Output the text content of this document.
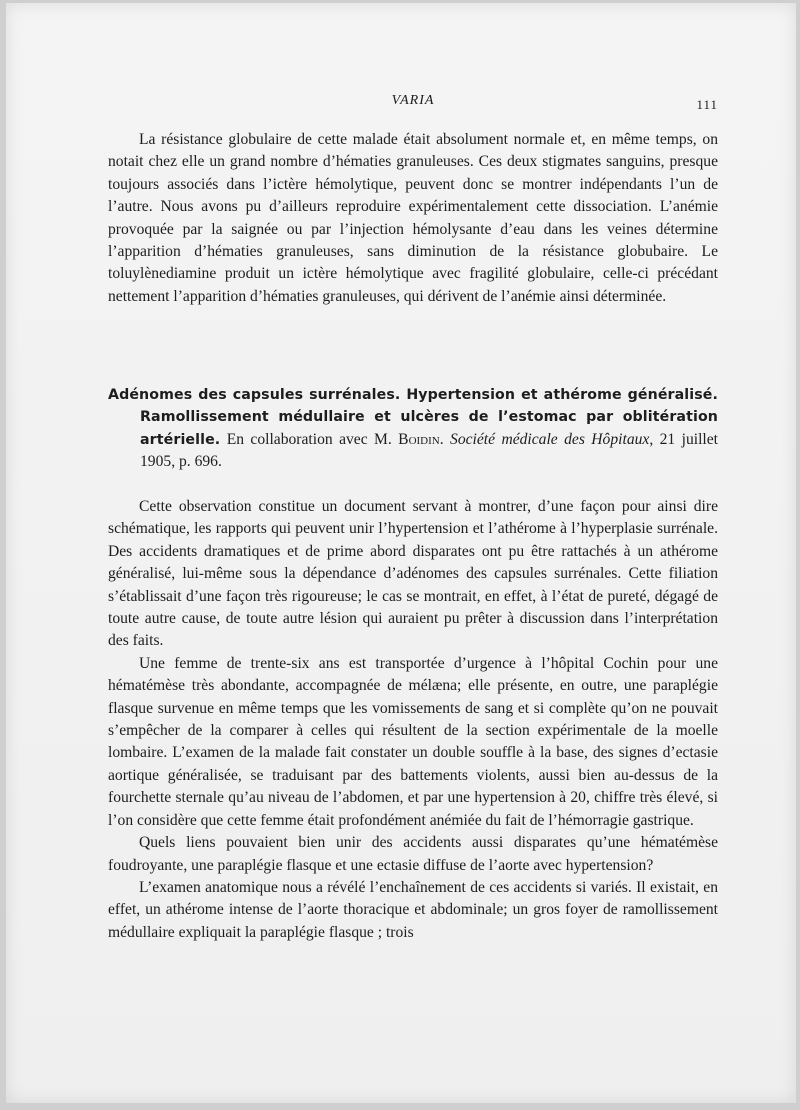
VARIA	111

La résistance globulaire de cette malade était absolument normale et, en même temps, on notait chez elle un grand nombre d’hématies granuleuses. Ces deux stigmates sanguins, presque toujours associés dans l’ictère hémolytique, peuvent donc se montrer indépendants l’un de l’autre. Nous avons pu d’ailleurs reproduire expérimentalement cette dissociation. L’anémie provoquée par la saignée ou par l’injection hémolysante d’eau dans les veines détermine l’apparition d’hématies granuleuses, sans diminution de la résistance globubaire. Le toluylènediamine produit un ictère hémolytique avec fragilité globulaire, celle-ci précédant nettement l’apparition d’hématies granuleuses, qui dérivent de l’anémie ainsi déterminée.

Adénomes des capsules surrénales. Hypertension et athérome généralisé. Ramollissement médullaire et ulcères de l’estomac par oblitération artérielle. En collaboration avec M. Boidin. Société médicale des Hôpitaux, 21 juillet 1905, p. 696.

Cette observation constitue un document servant à montrer, d’une façon pour ainsi dire schématique, les rapports qui peuvent unir l’hypertension et l’athérome à l’hyperplasie surrénale. Des accidents dramatiques et de prime abord disparates ont pu être rattachés à un athérome généralisé, lui-même sous la dépendance d’adénomes des capsules surrénales. Cette filiation s’établissait d’une façon très rigoureuse; le cas se montrait, en effet, à l’état de pureté, dégagé de toute autre cause, de toute autre lésion qui auraient pu prêter à discussion dans l’interprétation des faits.

Une femme de trente-six ans est transportée d’urgence à l’hôpital Cochin pour une hématémèse très abondante, accompagnée de mélæna; elle présente, en outre, une paraplégie flasque survenue en même temps que les vomissements de sang et si complète qu’on ne pouvait s’empêcher de la comparer à celles qui résultent de la section expérimentale de la moelle lombaire. L’examen de la malade fait constater un double souffle à la base, des signes d’ectasie aortique généralisée, se traduisant par des battements violents, aussi bien au-dessus de la fourchette sternale qu’au niveau de l’abdomen, et par une hypertension à 20, chiffre très élevé, si l’on considère que cette femme était profondément anémiée du fait de l’hémorragie gastrique.

Quels liens pouvaient bien unir des accidents aussi disparates qu’une hématémèse foudroyante, une paraplégie flasque et une ectasie diffuse de l’aorte avec hypertension?

L’examen anatomique nous a révélé l’enchaînement de ces accidents si variés. Il existait, en effet, un athérome intense de l’aorte thoracique et abdominale; un gros foyer de ramollissement médullaire expliquait la paraplégie flasque ; trois
